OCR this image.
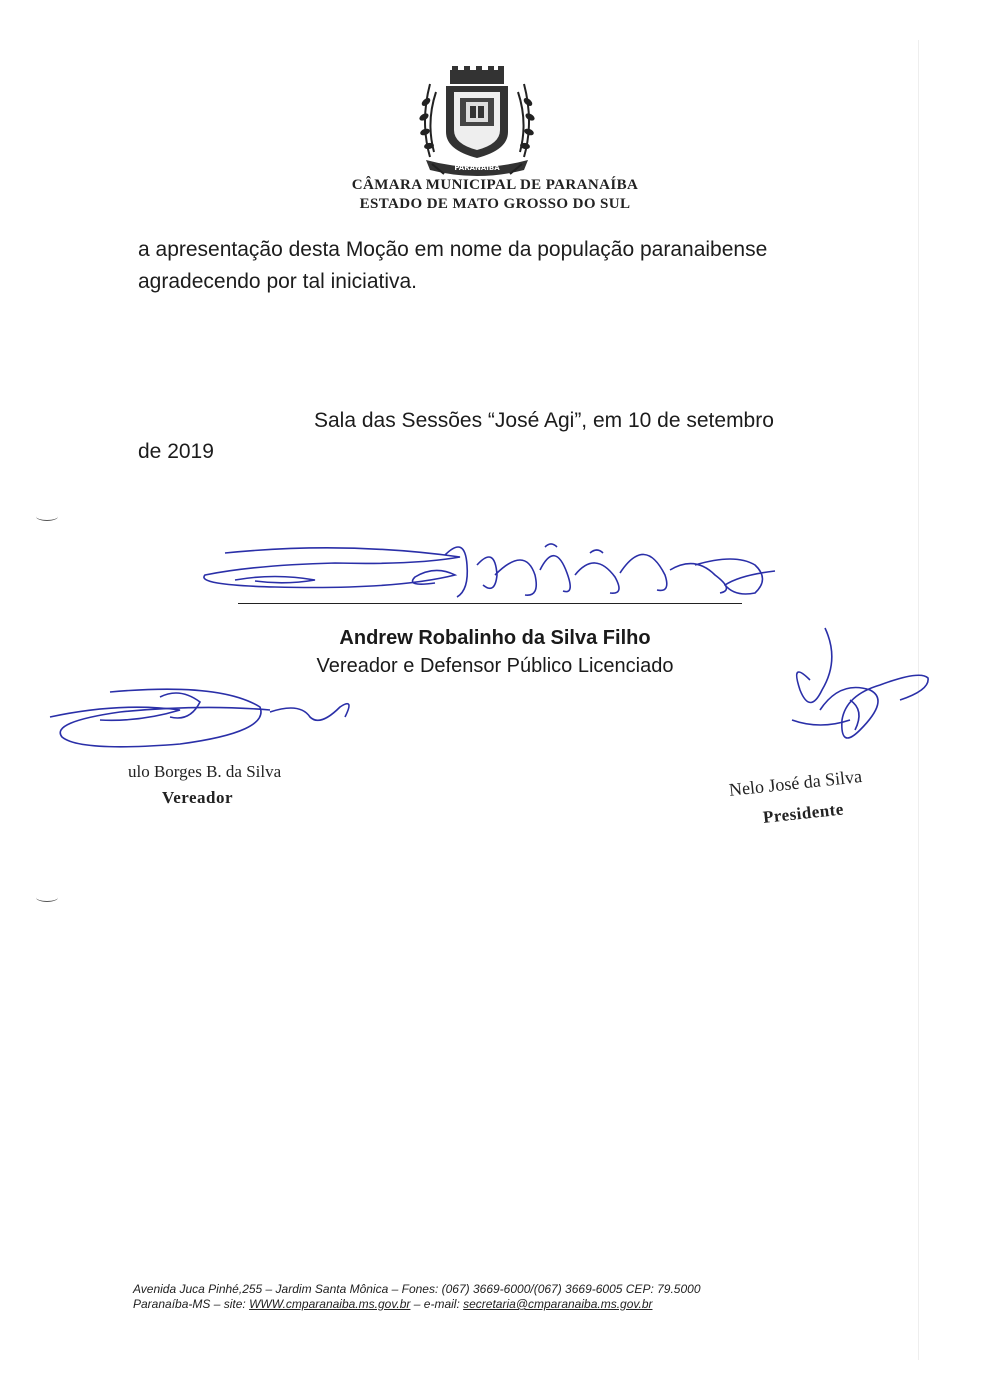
PARANAÍBA
CÂMARA MUNICIPAL DE PARANAÍBA
ESTADO DE MATO GROSSO DO SUL
a apresentação desta Moção em nome da população paranaibense
agradecendo por tal iniciativa.
Sala das Sessões “José Agi”, em 10 de setembro
de 2019
Andrew Robalinho da Silva Filho
Vereador e Defensor Público Licenciado
ulo Borges B. da Silva
Vereador	Nelo José da Silva
Presidente
Avenida Juca Pinhé,255 – Jardim Santa Mônica – Fones: (067) 3669-6000/(067) 3669-6005 CEP: 79.5000
Paranaíba-MS – site: WWW.cmparanaiba.ms.gov.br – e-mail: secretaria@cmparanaiba.ms.gov.br
